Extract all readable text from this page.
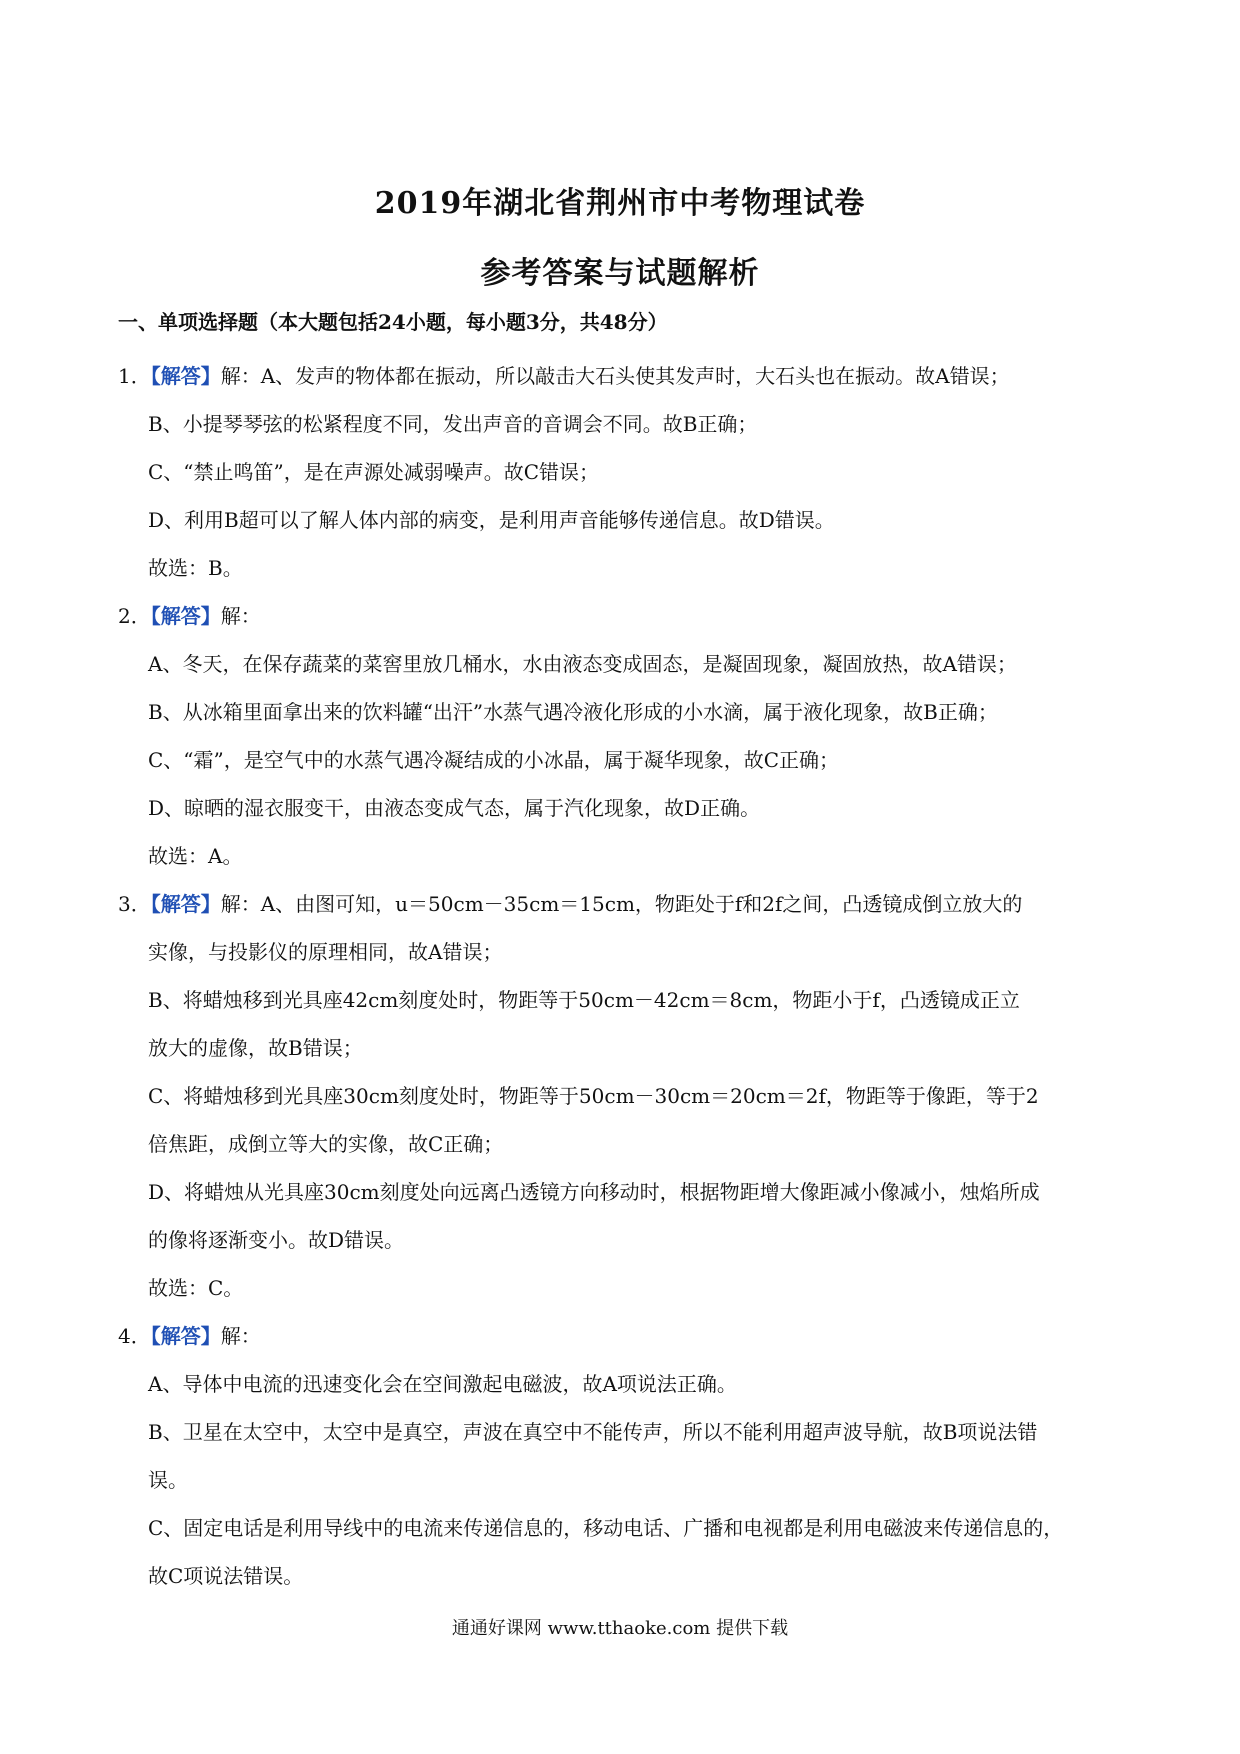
2019年湖北省荆州市中考物理试卷
参考答案与试题解析
一、单项选择题（本大题包括24小题，每小题3分，共48分）
1．【解答】解：A、发声的物体都在振动，所以敲击大石头使其发声时，大石头也在振动。故A错误；
B、小提琴琴弦的松紧程度不同，发出声音的音调会不同。故B正确；
C、“禁止鸣笛”，是在声源处减弱噪声。故C错误；
D、利用B超可以了解人体内部的病变，是利用声音能够传递信息。故D错误。
故选：B。
2．【解答】解：
A、冬天，在保存蔬菜的菜窖里放几桶水，水由液态变成固态，是凝固现象，凝固放热，故A错误；
B、从冰箱里面拿出来的饮料罐“出汗”水蒸气遇冷液化形成的小水滴，属于液化现象，故B正确；
C、“霜”，是空气中的水蒸气遇冷凝结成的小冰晶，属于凝华现象，故C正确；
D、晾晒的湿衣服变干，由液态变成气态，属于汽化现象，故D正确。
故选：A。
3．【解答】解：A、由图可知，u＝50cm－35cm＝15cm，物距处于f和2f之间，凸透镜成倒立放大的
实像，与投影仪的原理相同，故A错误；
B、将蜡烛移到光具座42cm刻度处时，物距等于50cm－42cm＝8cm，物距小于f，凸透镜成正立
放大的虚像，故B错误；
C、将蜡烛移到光具座30cm刻度处时，物距等于50cm－30cm＝20cm＝2f，物距等于像距，等于2
倍焦距，成倒立等大的实像，故C正确；
D、将蜡烛从光具座30cm刻度处向远离凸透镜方向移动时，根据物距增大像距减小像减小，烛焰所成
的像将逐渐变小。故D错误。
故选：C。
4．【解答】解：
A、导体中电流的迅速变化会在空间激起电磁波，故A项说法正确。
B、卫星在太空中，太空中是真空，声波在真空中不能传声，所以不能利用超声波导航，故B项说法错
误。
C、固定电话是利用导线中的电流来传递信息的，移动电话、广播和电视都是利用电磁波来传递信息的，
故C项说法错误。
通通好课网 www.tthaoke.com 提供下载
